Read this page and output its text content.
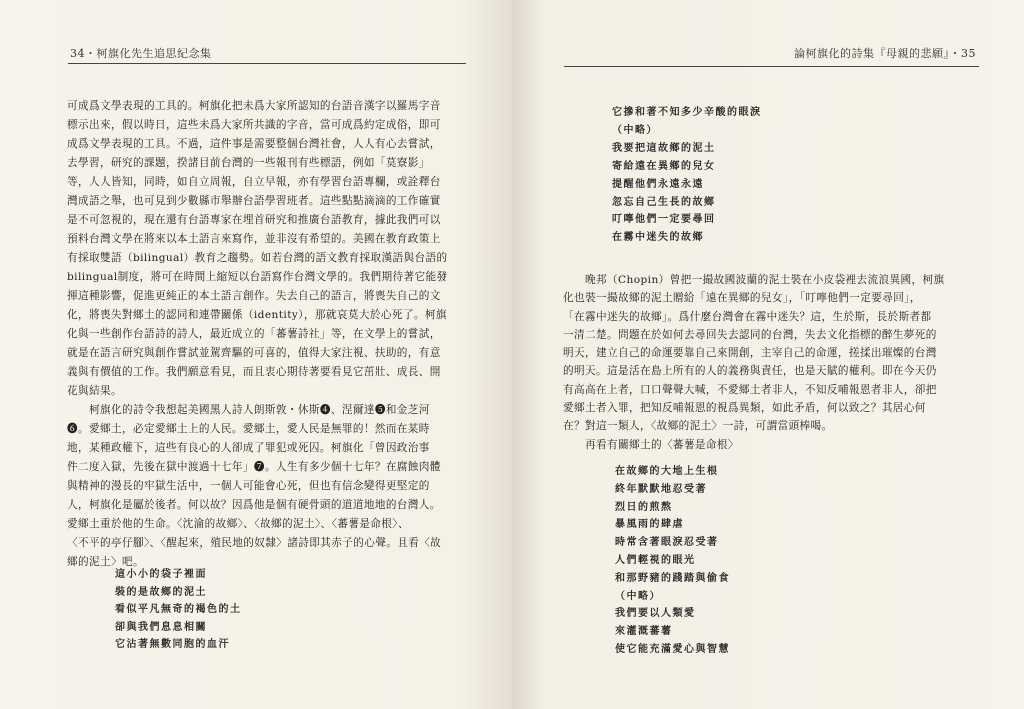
34・柯旗化先生追思紀念集
可成爲文學表現的工具的。柯旗化把未爲大家所認知的台語音漢字以羅馬字音
標示出來，假以時日，這些未爲大家所共識的字音，當可成爲約定成俗，即可
成爲文學表現的工具。不過，這件事是需要整個台灣社會，人人有心去嘗試，
去學習，研究的課題，揆諸目前台灣的一些報刊有些標語，例如「莫寮影」
等，人人皆知，同時，如自立周報，自立早報，亦有學習台語專欄，或詮釋台
灣成語之舉，也可見到少數縣市舉辦台語學習班者。這些點點滴滴的工作確實
是不可忽視的，現在還有台語專家在埋首研究和推廣台語教育，據此我們可以
預料台灣文學在將來以本土語言來寫作，並非沒有希望的。美國在教育政策上
有採取雙語（bilingual）教育之趨勢。如若台灣的語文教育採取漢語與台語的
bilingual制度，將可在時間上縮短以台語寫作台灣文學的。我們期待著它能發
揮這種影響，促進更純正的本土語言創作。失去自己的語言，將喪失自己的文
化，將喪失對鄉土的認同和連帶關係（identity），那就哀莫大於心死了。柯旗
化與一些創作台語詩的詩人，最近成立的「蕃薯詩社」等，在文學上的嘗試，
就是在語言研究與創作嘗試並駕齊驅的可喜的，值得大家注視、扶助的，有意
義與有價值的工作。我們願意看見，而且衷心期待著要看見它茁壯、成長、開
花與結果。
　　柯旗化的詩令我想起美國黑人詩人朗斯敦・休斯❹、涅爾達❺和金芝河
❻。愛鄉土，必定愛鄉土上的人民。愛鄉土，愛人民是無罪的！然而在某時
地，某種政權下，這些有良心的人卻成了罪犯或死囚。柯旗化「曾因政治事
件二度入獄，先後在獄中渡過十七年」❼。人生有多少個十七年？在腐蝕肉體
與精神的漫長的牢獄生活中，一個人可能會心死，但也有信念變得更堅定的
人，柯旗化是屬於後者。何以故？因爲他是個有硬骨頭的道道地地的台灣人。
愛鄉土重於他的生命。〈沈淪的故鄉〉、〈故鄉的泥土〉、〈蕃薯是命根〉、
〈不平的亭仔腳〉、〈醒起來，殖民地的奴隸〉諸詩即其赤子的心聲。且看〈故
鄉的泥土〉吧。
這小小的袋子裡面
裝的是故鄉的泥土
看似平凡無奇的褐色的土
卻與我們息息相關
它沾著無數同胞的血汗
論柯旗化的詩集『母親的悲願』・35
它摻和著不知多少辛酸的眼淚
（中略）
我要把這故鄉的泥土
寄給遠在異鄉的兒女
提醒他們永遠永遠
忽忘自己生長的故鄉
叮嚀他們一定要尋回
在霧中迷失的故鄉
　　晚邦（Chopin）曾把一撮故國波蘭的泥土裝在小皮袋裡去流浪異國，柯旗
化也裝一撮故鄉的泥土贈給「遠在異鄉的兒女」，「叮嚀他們一定要尋回」，
「在霧中迷失的故鄉」。爲什麼台灣會在霧中迷失？這，生於斯，長於斯者都
一清二楚。問題在於如何去尋回失去認同的台灣，失去文化指標的醉生夢死的
明天，建立自己的命運要靠自己來開創，主宰自己的命運，搓揉出璀燦的台灣
的明天。這是活在島上所有的人的義務與責任，也是天賦的權利。即在今天仍
有高高在上者，口口聲聲大喊，不愛鄉土者非人，不知反哺報恩者非人，卻把
愛鄉土者入罪，把知反哺報恩的視爲異類，如此矛盾，何以致之？其居心何
在？對這一類人，〈故鄉的泥土〉一詩，可謂當頭棒喝。
　　再看有關鄉土的〈蕃薯是命根〉
在故鄉的大地上生根
終年默默地忍受著
烈日的煎熬
暴風雨的肆虐
時常含著眼淚忍受著
人們輕視的眼光
和那野豬的踐踏與偷食
（中略）
我們要以人類愛
來灌溉蕃薯
使它能充滿愛心與智慧
